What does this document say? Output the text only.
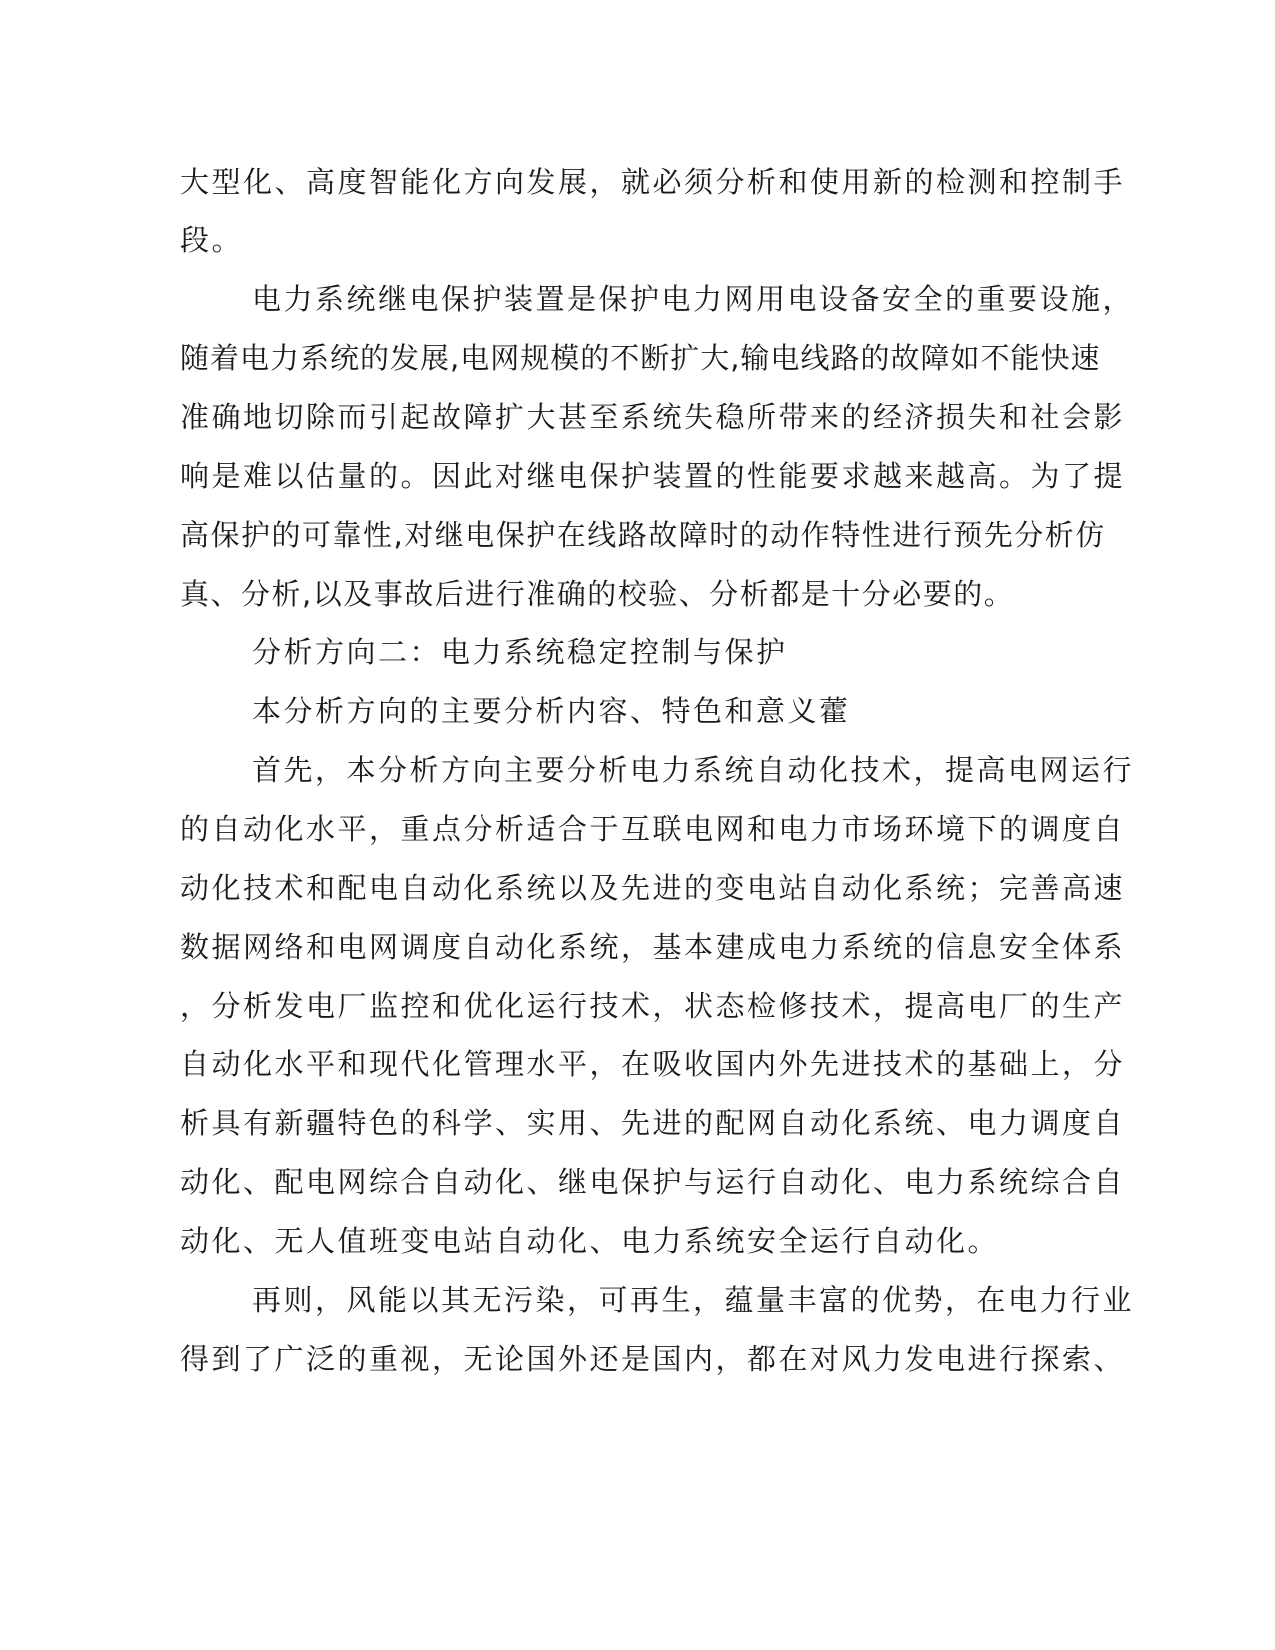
大型化、高度智能化方向发展，就必须分析和使用新的检测和控制手
段。
电力系统继电保护装置是保护电力网用电设备安全的重要设施，
随着电力系统的发展,电网规模的不断扩大,输电线路的故障如不能快速
准确地切除而引起故障扩大甚至系统失稳所带来的经济损失和社会影
响是难以估量的。因此对继电保护装置的性能要求越来越高。为了提
高保护的可靠性,对继电保护在线路故障时的动作特性进行预先分析仿
真、分析,以及事故后进行准确的校验、分析都是十分必要的。
分析方向二：电力系统稳定控制与保护
本分析方向的主要分析内容、特色和意义藿
首先，本分析方向主要分析电力系统自动化技术，提高电网运行
的自动化水平，重点分析适合于互联电网和电力市场环境下的调度自
动化技术和配电自动化系统以及先进的变电站自动化系统；完善高速
数据网络和电网调度自动化系统，基本建成电力系统的信息安全体系
，分析发电厂监控和优化运行技术，状态检修技术，提高电厂的生产
自动化水平和现代化管理水平，在吸收国内外先进技术的基础上，分
析具有新疆特色的科学、实用、先进的配网自动化系统、电力调度自
动化、配电网综合自动化、继电保护与运行自动化、电力系统综合自
动化、无人值班变电站自动化、电力系统安全运行自动化。
再则，风能以其无污染，可再生，蕴量丰富的优势，在电力行业
得到了广泛的重视，无论国外还是国内，都在对风力发电进行探索、
